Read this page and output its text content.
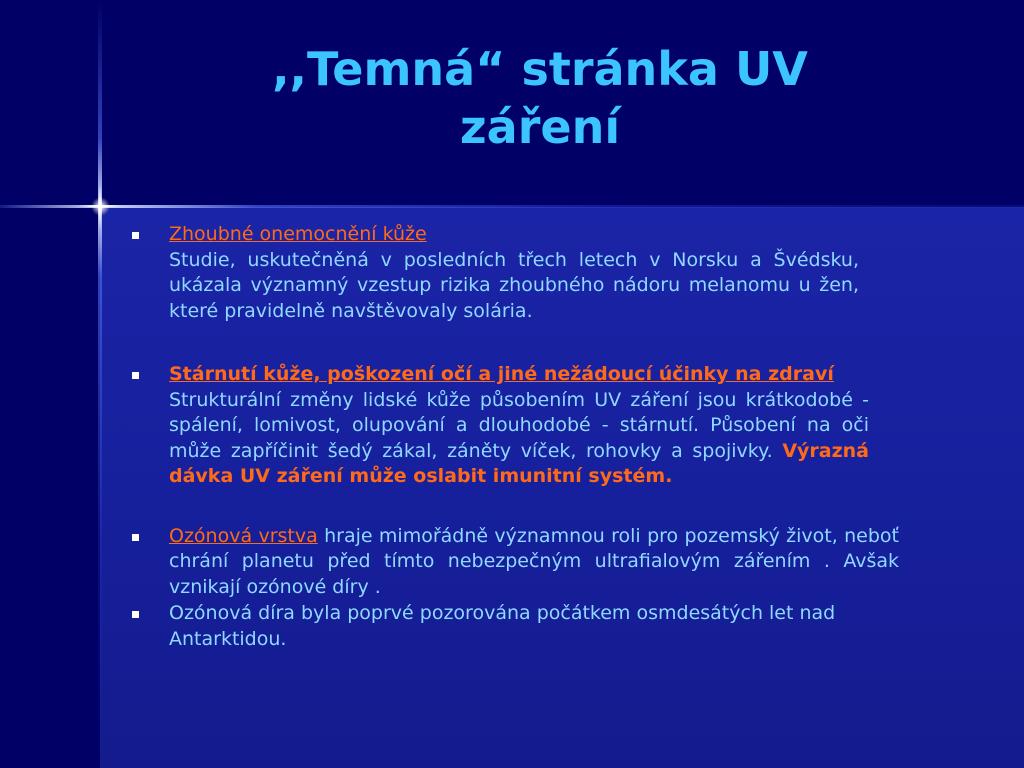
,,Temná“ stránka UV
záření
Zhoubné onemocnění kůže
Studie, uskutečněná v posledních třech letech v Norsku a Švédsku, ukázala významný vzestup rizika zhoubného nádoru melanomu u žen, které pravidelně navštěvovaly solária.
Stárnutí kůže, poškození očí a jiné nežádoucí účinky na zdraví
Strukturální změny lidské kůže působením UV záření jsou krátkodobé - spálení, lomivost, olupování a dlouhodobé - stárnutí. Působení na oči může zapříčinit šedý zákal, záněty víček, rohovky a spojivky. Výrazná dávka UV záření může oslabit imunitní systém.
Ozónová vrstva hraje mimořádně významnou roli pro pozemský život, neboť chrání planetu před tímto nebezpečným ultrafialovým zářením . Avšak vznikají ozónové díry .
Ozónová díra byla poprvé pozorována počátkem osmdesátých let nad Antarktidou.
